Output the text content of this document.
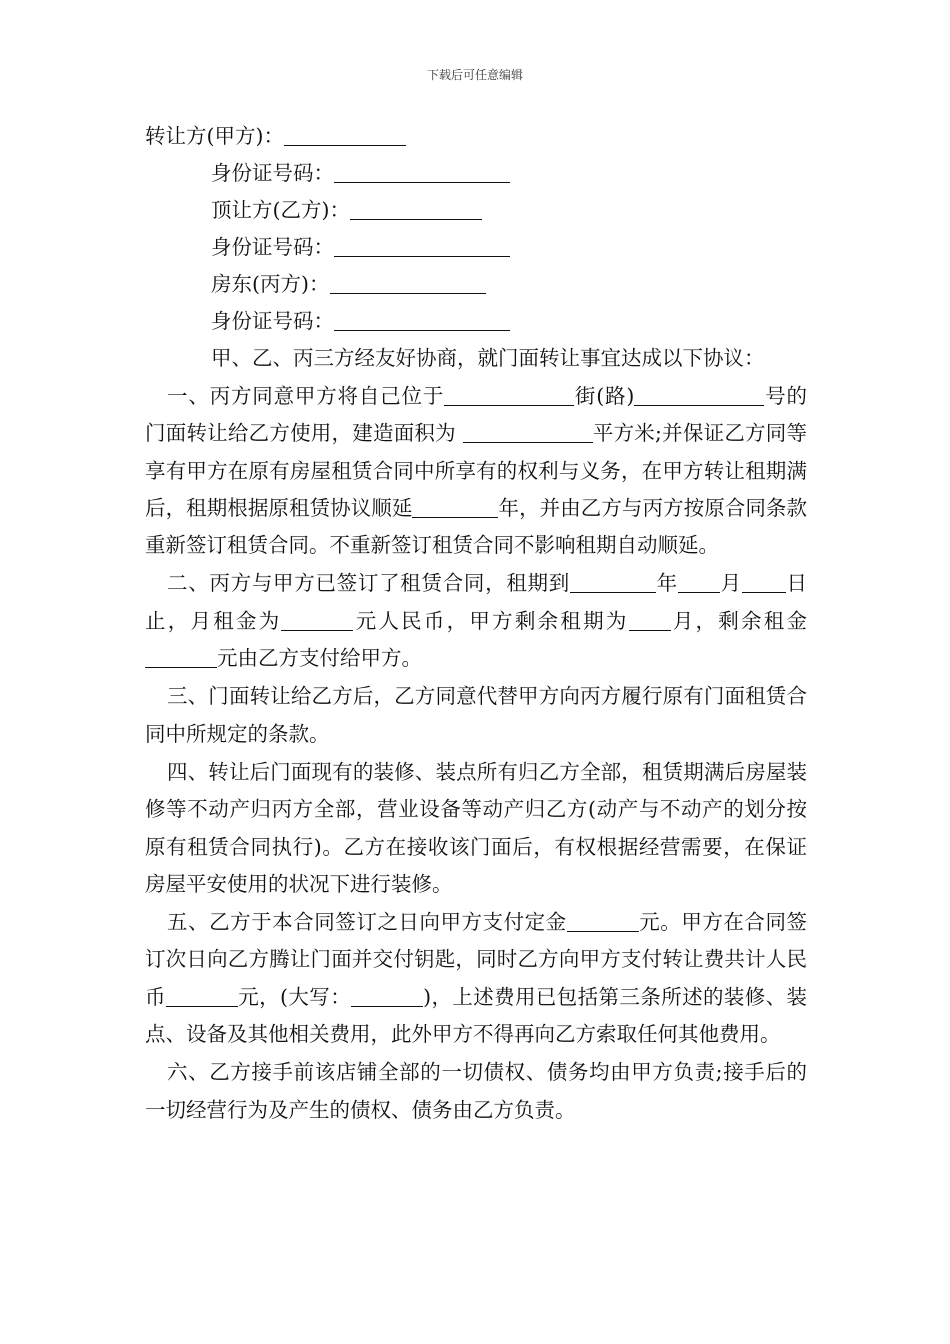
下载后可任意编辑
转让方(甲方)：
身份证号码：
顶让方(乙方)：
身份证号码：
房东(丙方)：
身份证号码：
甲、乙、丙三方经友好协商，就门面转让事宜达成以下协议：

一、丙方同意甲方将自己位于	街(路)	号的门面转让给乙方使用，建造面积为	平方米;并保证乙方同等享有甲方在原有房屋租赁合同中所享有的权利与义务，在甲方转让租期满后，租期根据原租赁协议顺延	年，并由乙方与丙方按原合同条款重新签订租赁合同。不重新签订租赁合同不影响租期自动顺延。

二、丙方与甲方已签订了租赁合同，租期到	年 月 日止，月租金为	元人民币，甲方剩余租期为 月，剩余租金元由乙方支付给甲方。

三、门面转让给乙方后，乙方同意代替甲方向丙方履行原有门面租赁合同中所规定的条款。

四、转让后门面现有的装修、装点所有归乙方全部，租赁期满后房屋装修等不动产归丙方全部，营业设备等动产归乙方(动产与不动产的划分按原有租赁合同执行)。乙方在接收该门面后，有权根据经营需要，在保证房屋平安使用的状况下进行装修。

五、乙方于本合同签订之日向甲方支付定金	元。甲方在合同签订次日向乙方腾让门面并交付钥匙，同时乙方向甲方支付转让费共计人民币	元，(大写：	)，上述费用已包括第三条所述的装修、装点、设备及其他相关费用，此外甲方不得再向乙方索取任何其他费用。

六、乙方接手前该店铺全部的一切债权、债务均由甲方负责;接手后的一切经营行为及产生的债权、债务由乙方负责。
